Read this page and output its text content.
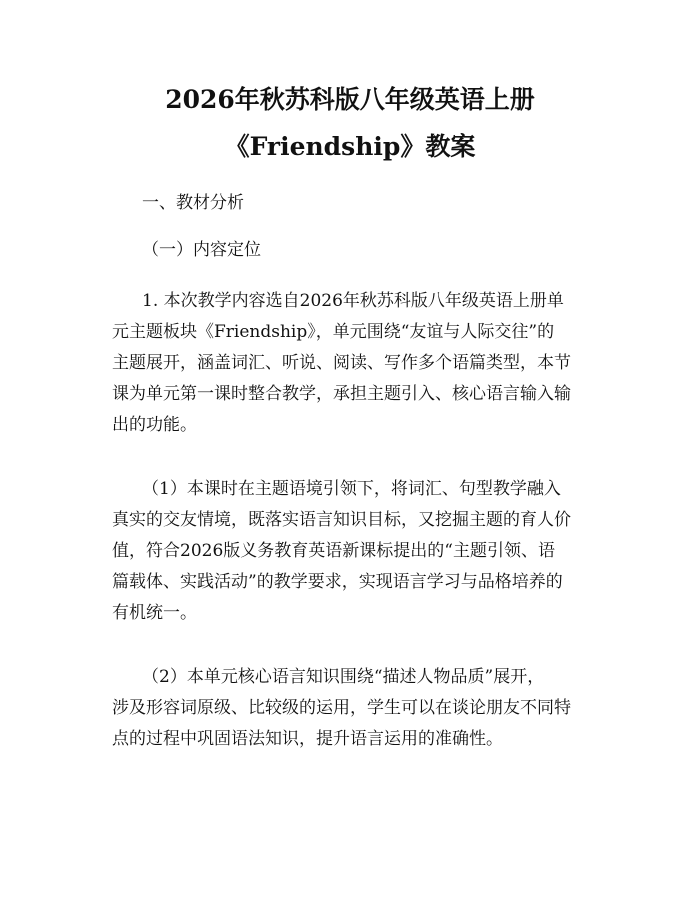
2026年秋苏科版八年级英语上册
《Friendship》教案
一、教材分析
（一）内容定位
1. 本次教学内容选自2026年秋苏科版八年级英语上册单
元主题板块《Friendship》，单元围绕“友谊与人际交往”的
主题展开，涵盖词汇、听说、阅读、写作多个语篇类型，本节
课为单元第一课时整合教学，承担主题引入、核心语言输入输
出的功能。
（1）本课时在主题语境引领下，将词汇、句型教学融入
真实的交友情境，既落实语言知识目标，又挖掘主题的育人价
值，符合2026版义务教育英语新课标提出的“主题引领、语
篇载体、实践活动”的教学要求，实现语言学习与品格培养的
有机统一。
（2）本单元核心语言知识围绕“描述人物品质”展开，
涉及形容词原级、比较级的运用，学生可以在谈论朋友不同特
点的过程中巩固语法知识，提升语言运用的准确性。
